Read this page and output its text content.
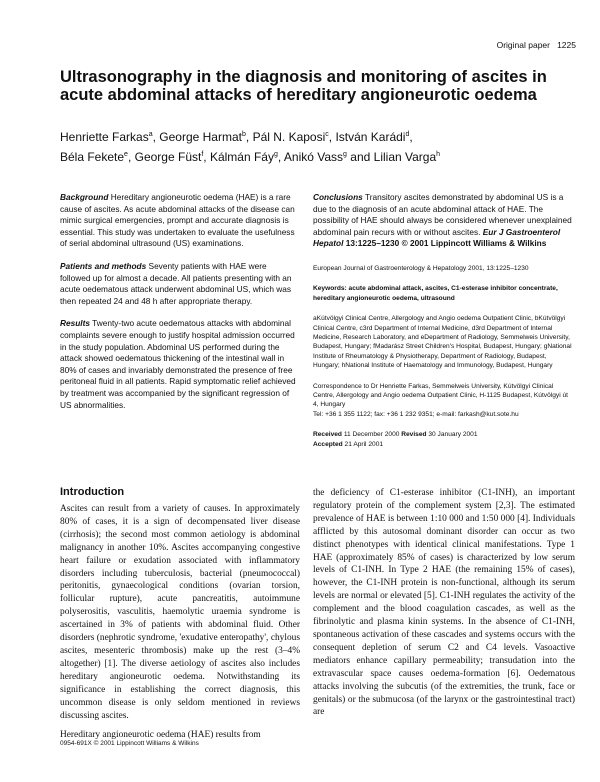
Original paper 1225
Ultrasonography in the diagnosis and monitoring of ascites in acute abdominal attacks of hereditary angioneurotic oedema
Henriette Farkas$^a$, George Harmat$^b$, Pál N. Kaposi$^c$, István Karádi$^d$,
Béla Fekete$^e$, George Füst$^f$, Kálmán Fáy$^g$, Anikó Vass$^g$ and Lilian Varga$^h$

Background Hereditary angioneurotic oedema (HAE) is a rare cause of ascites. As acute abdominal attacks of the disease can mimic surgical emergencies, prompt and accurate diagnosis is essential. This study was undertaken to evaluate the usefulness of serial abdominal ultrasound (US) examinations.

Patients and methods Seventy patients with HAE were followed up for almost a decade. All patients presenting with an acute oedematous attack underwent abdominal US, which was then repeated 24 and 48 h after appropriate therapy.

Results Twenty-two acute oedematous attacks with abdominal complaints severe enough to justify hospital admission occurred in the study population. Abdominal US performed during the attack showed oedematous thickening of the intestinal wall in 80% of cases and invariably demonstrated the presence of free peritoneal fluid in all patients. Rapid symptomatic relief achieved by treatment was accompanied by the significant regression of US abnormalities.

Conclusions Transitory ascites demonstrated by abdominal US is a due to the diagnosis of an acute abdominal attack of HAE. The possibility of HAE should always be considered whenever unexplained abdominal pain recurs with or without ascites. Eur J Gastroenterol Hepatol 13:1225–1230 © 2001 Lippincott Williams & Wilkins

European Journal of Gastroenterology & Hepatology 2001, 13:1225–1230

Keywords: acute abdominal attack, ascites, C1-esterase inhibitor concentrate, hereditary angioneurotic oedema, ultrasound

aKútvölgyi Clinical Centre, Allergology and Angio oedema Outpatient Clinic, bKútvölgyi Clinical Centre, c3rd Department of Internal Medicine, d3rd Department of Internal Medicine, Research Laboratory, and eDepartment of Radiology, Semmelweis University, Budapest, Hungary; fMadarász Street Children's Hospital, Budapest, Hungary; gNational Institute of Rheumatology & Physiotherapy, Department of Radiology, Budapest, Hungary; hNational Institute of Haematology and Immunology, Budapest, Hungary

Correspondence to Dr Henriette Farkas, Semmelweis University, Kútvölgyi Clinical Centre, Allergology and Angio oedema Outpatient Clinic, H-1125 Budapest, Kútvölgyi út 4, Hungary

Tel: +36 1 355 1122; fax: +36 1 232 9351; e-mail: farkash@kut.sote.hu

Received 11 December 2000 Revised 30 January 2001
Accepted 21 April 2001

Introduction

Ascites can result from a variety of causes. In approximately 80% of cases, it is a sign of decompensated liver disease (cirrhosis); the second most common aetiology is abdominal malignancy in another 10%. Ascites accompanying congestive heart failure or exudation associated with inflammatory disorders including tuberculosis, bacterial (pneumococcal) peritonitis, gynaecological conditions (ovarian torsion, follicular rupture), acute pancreatitis, autoimmune polyserositis, vasculitis, haemolytic uraemia syndrome is ascertained in 3% of patients with abdominal fluid. Other disorders (nephrotic syndrome, 'exudative enteropathy', chylous ascites, mesenteric thrombosis) make up the rest (3–4% altogether) [1]. The diverse aetiology of ascites also includes hereditary angioneurotic oedema. Notwithstanding its significance in establishing the correct diagnosis, this uncommon disease is only seldom mentioned in reviews discussing ascites.

Hereditary angioneurotic oedema (HAE) results from

the deficiency of C1-esterase inhibitor (C1-INH), an important regulatory protein of the complement system [2,3]. The estimated prevalence of HAE is between 1:10 000 and 1:50 000 [4]. Individuals afflicted by this autosomal dominant disorder can occur as two distinct phenotypes with identical clinical manifestations. Type 1 HAE (approximately 85% of cases) is characterized by low serum levels of C1-INH. In Type 2 HAE (the remaining 15% of cases), however, the C1-INH protein is non-functional, although its serum levels are normal or elevated [5]. C1-INH regulates the activity of the complement and the blood coagulation cascades, as well as the fibrinolytic and plasma kinin systems. In the absence of C1-INH, spontaneous activation of these cascades and systems occurs with the consequent depletion of serum C2 and C4 levels. Vasoactive mediators enhance capillary permeability; transudation into the extravascular space causes oedema-formation [6]. Oedematous attacks involving the subcutis (of the extremities, the trunk, face or genitals) or the submucosa (of the larynx or the gastrointestinal tract) are

0954-691X © 2001 Lippincott Williams & Wilkins
